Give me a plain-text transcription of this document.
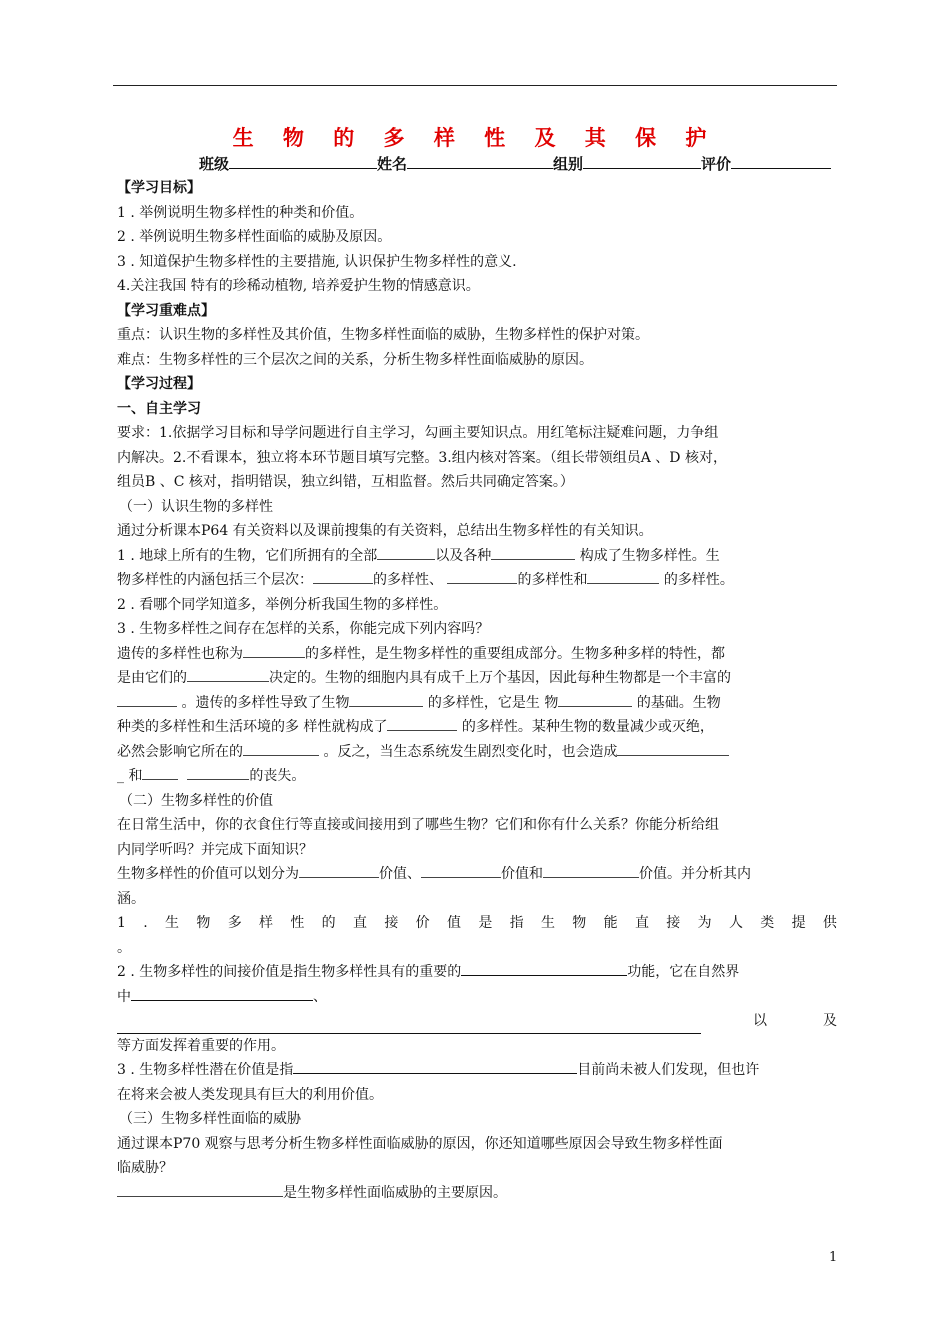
生 物 的 多 样 性 及 其 保 护
班级	姓名	组别	评价

【学习目标】

1 . 举例说明生物多样性的种类和价值。

2 . 举例说明生物多样性面临的威胁及原因。

3 . 知道保护生物多样性的主要措施, 认识保护生物多样性的意义.

4.关注我国 特有的珍稀动植物, 培养爱护生物的情感意识。

【学习重难点】

重点：认识生物的多样性及其价值，生物多样性面临的威胁，生物多样性的保护对策。

难点：生物多样性的三个层次之间的关系，分析生物多样性面临威胁的原因。

【学习过程】

一、自主学习

要求：1.依据学习目标和导学问题进行自主学习，勾画主要知识点。用红笔标注疑难问题，力争组

内解决。2.不看课本，独立将本环节题目填写完整。3.组内核对答案。（组长带领组员A 、D 核对，

组员B 、C 核对，指明错误，独立纠错，互相监督。然后共同确定答案。）

（一）认识生物的多样性

通过分析课本P64 有关资料以及课前搜集的有关资料，总结出生物多样性的有关知识。

1 . 地球上所有的生物，它们所拥有的全部	以及各种	构成了生物多样性。生

物多样性的内涵包括三个层次：	的多样性、	的多样性和	的多样性。

2 . 看哪个同学知道多，举例分析我国生物的多样性。

3 . 生物多样性之间存在怎样的关系，你能完成下列内容吗？

遗传的多样性也称为	的多样性，是生物多样性的重要组成部分。生物多种多样的特性，都

是由它们的	决定的。生物的细胞内具有成千上万个基因，因此每种生物都是一个丰富的

。遗传的多样性导致了生物	的多样性，它是生 物	的基础。生物

种类的多样性和生活环境的多 样性就构成了	的多样性。某种生物的数量减少或灭绝，

必然会影响它所在的	。反之，当生态系统发生剧烈变化时，也会造成

_ 和	的丧失。

（二）生物多样性的价值

在日常生活中，你的衣食住行等直接或间接用到了哪些生物？它们和你有什么关系？你能分析给组

内同学听吗？并完成下面知识？

生物多样性的价值可以划分为	价值、	价值和	价值。并分析其内

涵。

1 . 生 物 多 样 性 的 直 接 价 值 是 指 生 物 能 直 接 为 人 类 提 供

。

2 . 生物多样性的间接价值是指生物多样性具有的重要的	功能，它在自然界

中	、

以	及

等方面发挥着重要的作用。

3 . 生物多样性潜在价值是指	目前尚未被人们发现，但也许

在将来会被人类发现具有巨大的利用价值。

（三）生物多样性面临的威胁

通过课本P70 观察与思考分析生物多样性面临威胁的原因，你还知道哪些原因会导致生物多样性面

临威胁？

是生物多样性面临威胁的主要原因。

1
